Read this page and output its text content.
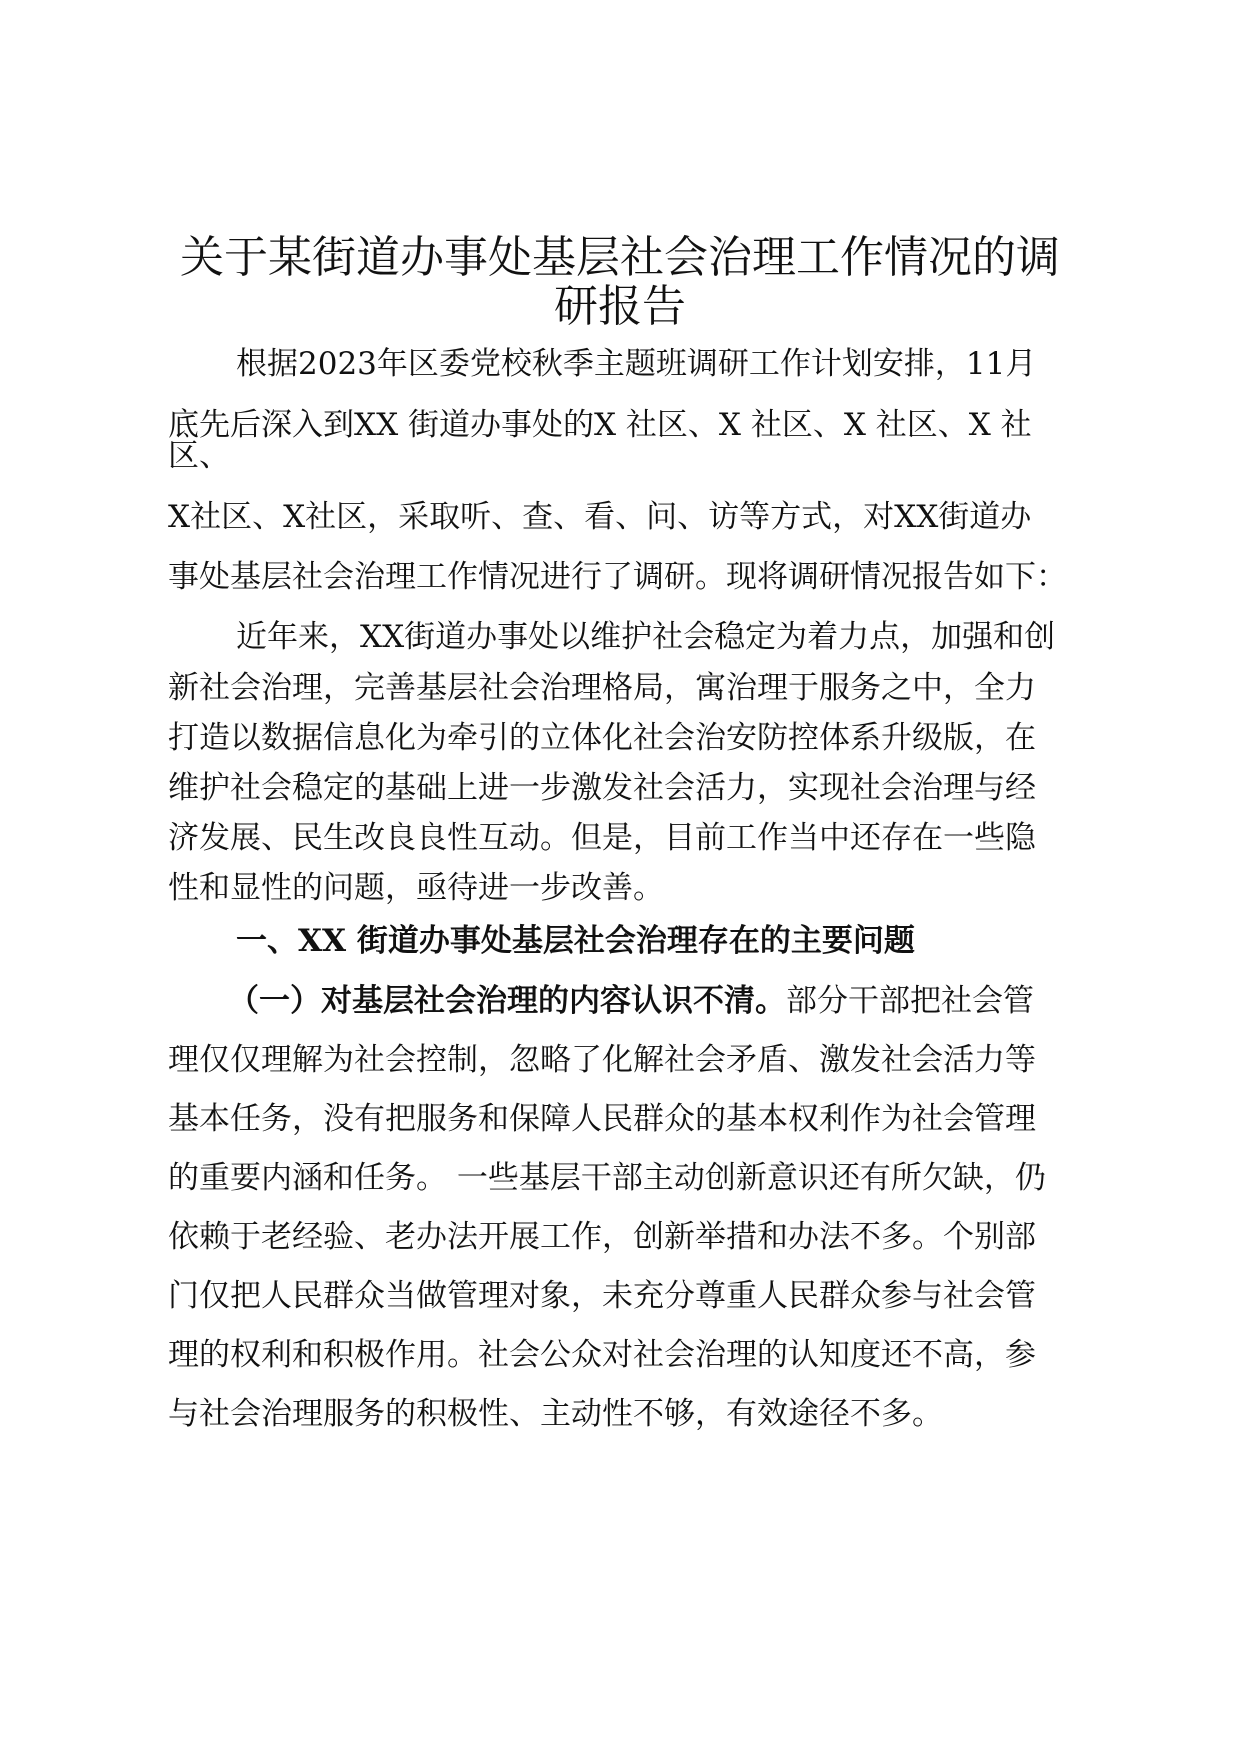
关于某街道办事处基层社会治理工作情况的调
研报告

根据2023年区委党校秋季主题班调研工作计划安排，11月

底先后深入到XX 街道办事处的X 社区、X 社区、X 社区、X 社

区、

X社区、X社区，采取听、查、看、问、访等方式，对XX街道办

事处基层社会治理工作情况进行了调研。现将调研情况报告如下：

近年来，XX街道办事处以维护社会稳定为着力点，加强和创

新社会治理，完善基层社会治理格局，寓治理于服务之中，全力

打造以数据信息化为牵引的立体化社会治安防控体系升级版，在

维护社会稳定的基础上进一步激发社会活力，实现社会治理与经

济发展、民生改良良性互动。但是，目前工作当中还存在一些隐

性和显性的问题，亟待进一步改善。

一、XX 街道办事处基层社会治理存在的主要问题

（一）对基层社会治理的内容认识不清。部分干部把社会管

理仅仅理解为社会控制，忽略了化解社会矛盾、激发社会活力等

基本任务，没有把服务和保障人民群众的基本权利作为社会管理

的重要内涵和任务。 一些基层干部主动创新意识还有所欠缺，仍

依赖于老经验、老办法开展工作，创新举措和办法不多。个别部

门仅把人民群众当做管理对象，未充分尊重人民群众参与社会管

理的权利和积极作用。社会公众对社会治理的认知度还不高，参

与社会治理服务的积极性、主动性不够，有效途径不多。
